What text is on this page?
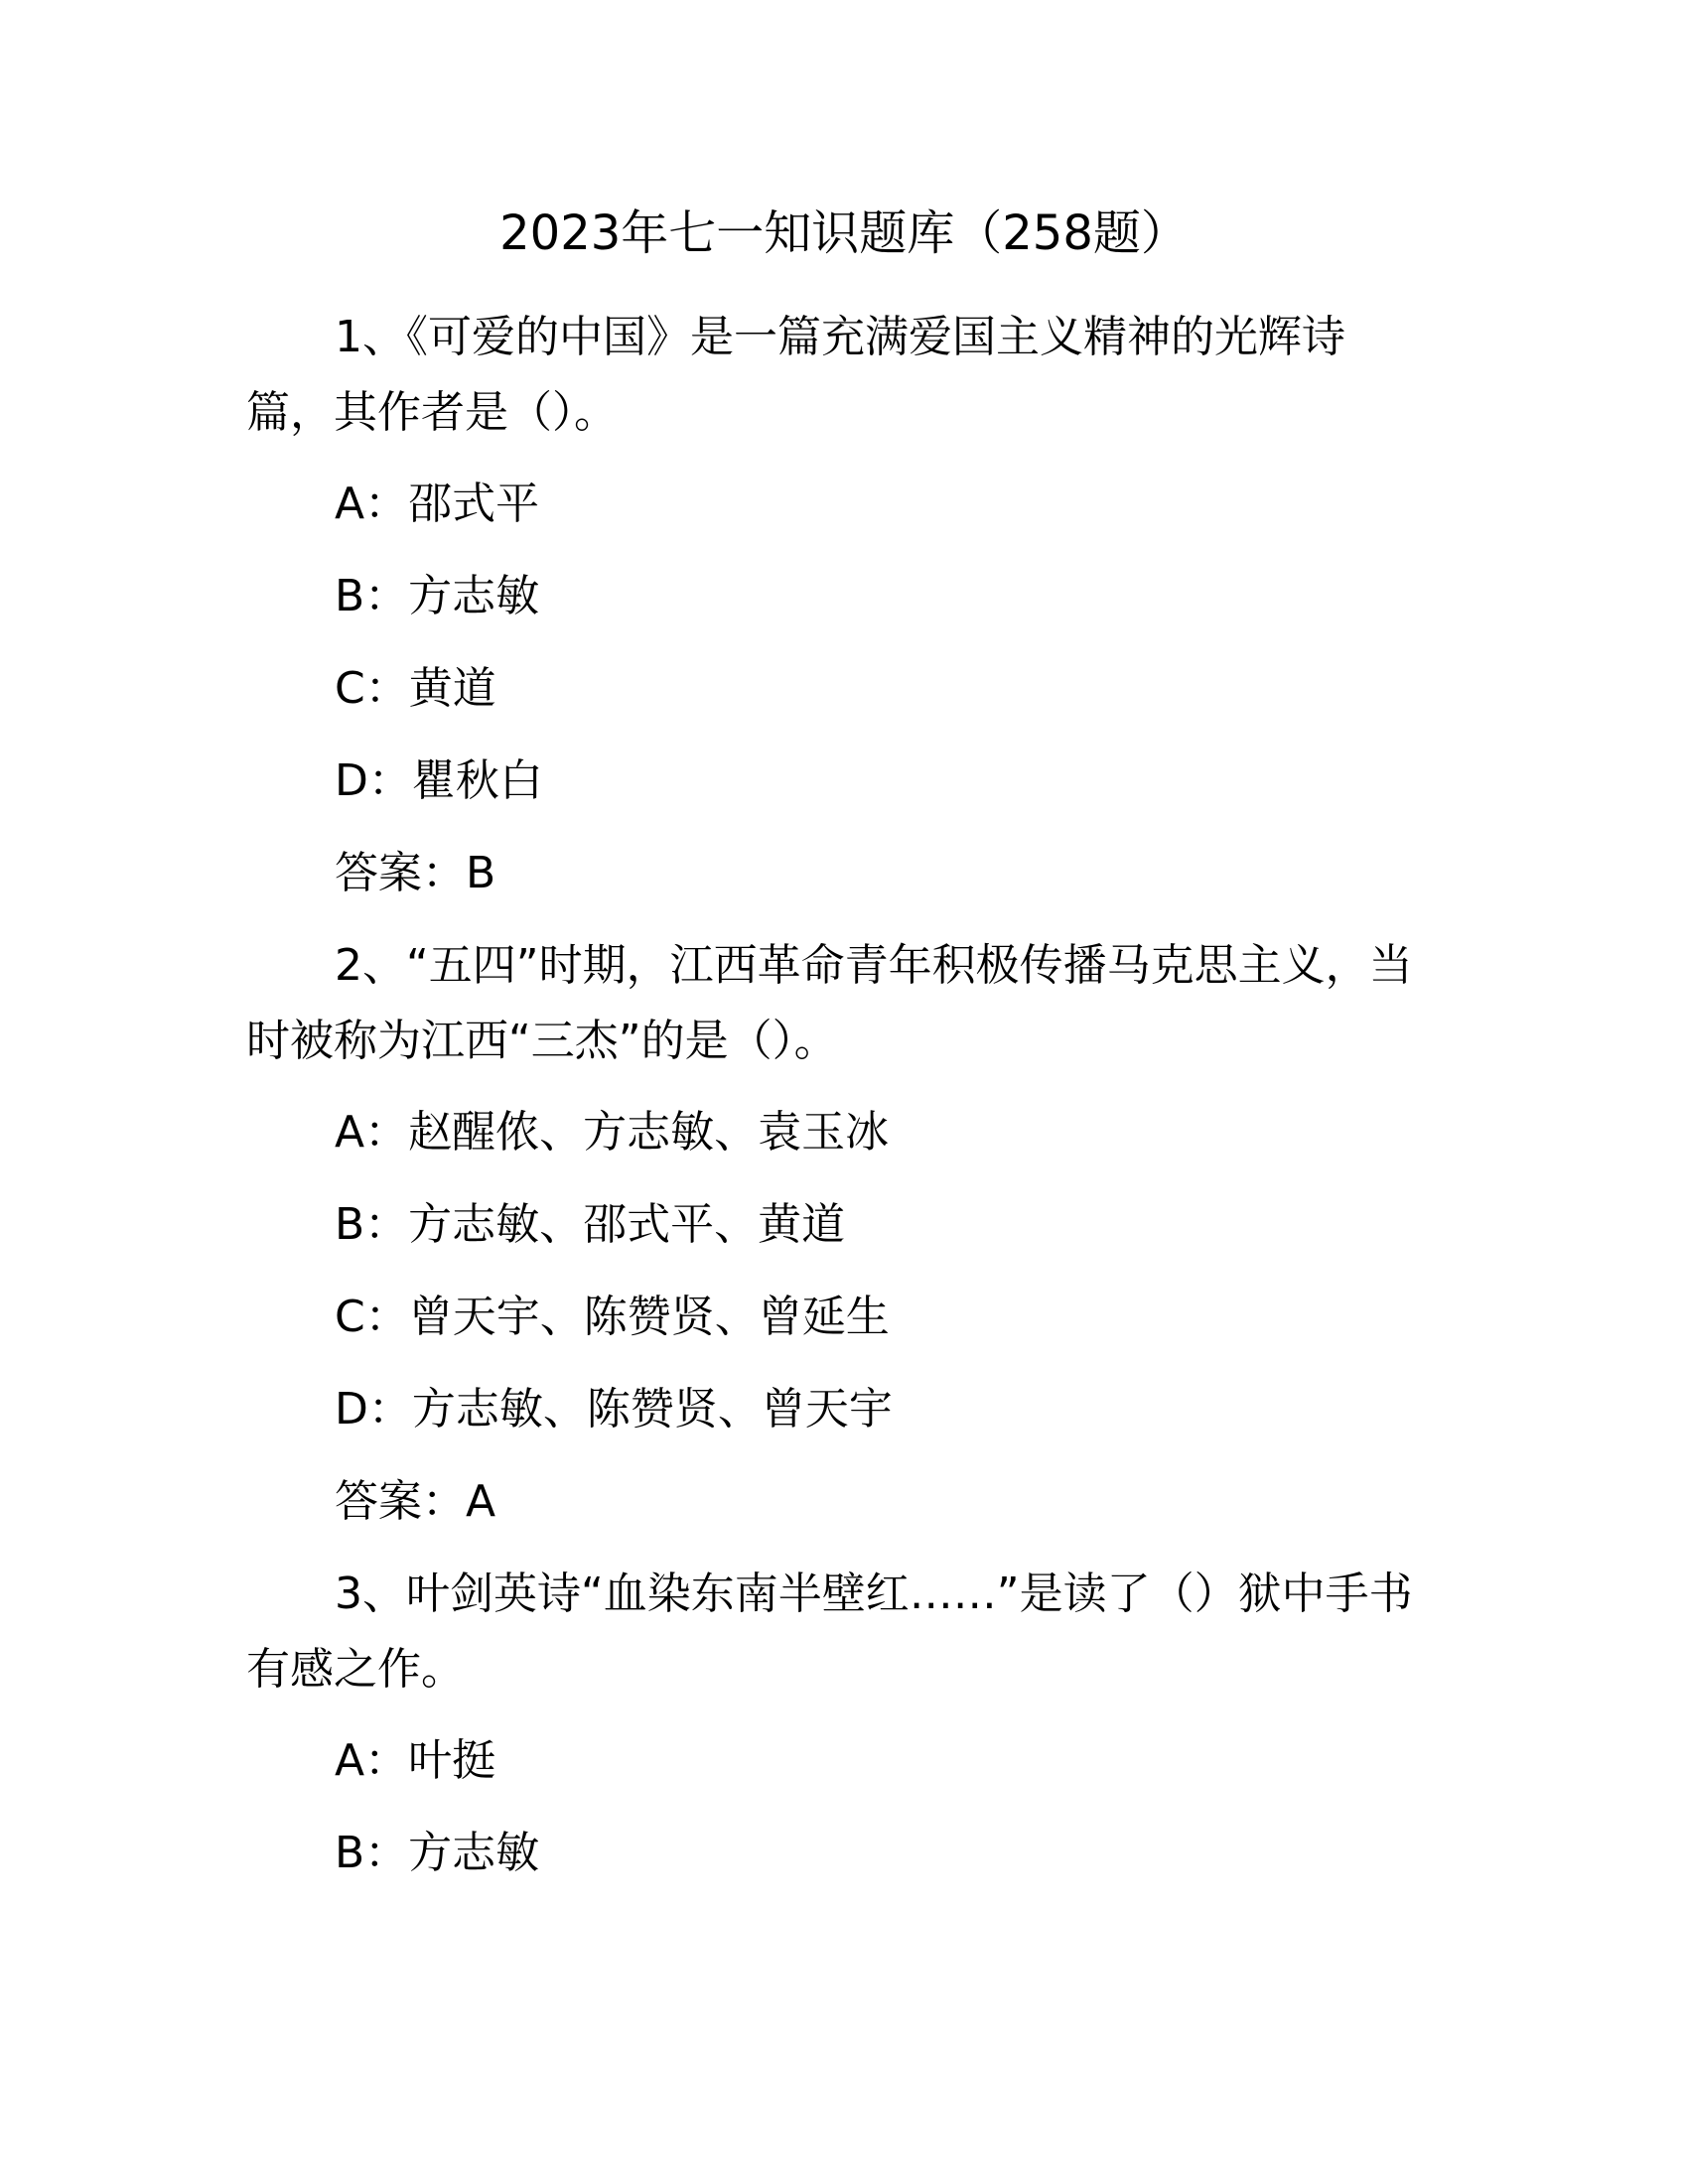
2023年七一知识题库（258题）
1、《可爱的中国》是一篇充满爱国主义精神的光辉诗
篇，其作者是（）。
A：邵式平
B：方志敏
C：黄道
D：瞿秋白
答案：B
2、“五四”时期，江西革命青年积极传播马克思主义，当
时被称为江西“三杰”的是（）。
A：赵醒侬、方志敏、袁玉冰
B：方志敏、邵式平、黄道
C：曾天宇、陈赞贤、曾延生
D：方志敏、陈赞贤、曾天宇
答案：A
3、叶剑英诗“血染东南半壁红……”是读了（）狱中手书
有感之作。
A：叶挺
B：方志敏
